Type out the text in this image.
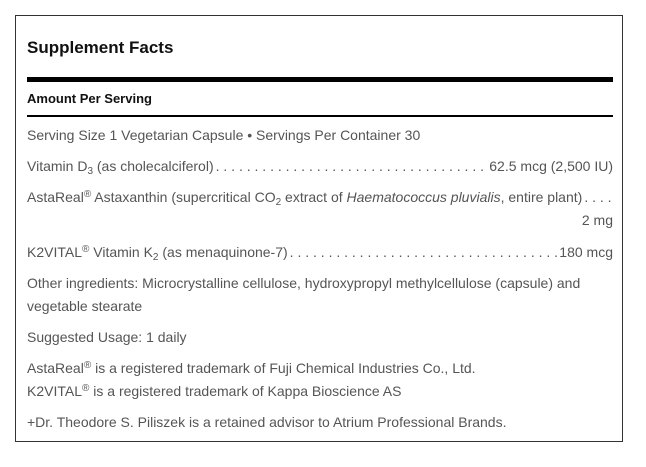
Supplement Facts
Amount Per Serving
Serving Size 1 Vegetarian Capsule • Servings Per Container 30
Vitamin $D_3$ (as cholecalciferol) . . .	62.5 mcg (2,500 IU)
AstaReal® Astaxanthin (supercritical $CO_2$ extract of Haematococcus pluvialis, entire plant)
. . .
2 mg
K2VITAL® Vitamin $K_2$ (as menaquinone-7) . . .	180 mcg
Other ingredients: Microcrystalline cellulose, hydroxypropyl methylcellulose (capsule) and
vegetable stearate
Suggested Usage: 1 daily
AstaReal® is a registered trademark of Fuji Chemical Industries Co., Ltd.
K2VITAL® is a registered trademark of Kappa Bioscience AS
+Dr. Theodore S. Piliszek is a retained advisor to Atrium Professional Brands.
